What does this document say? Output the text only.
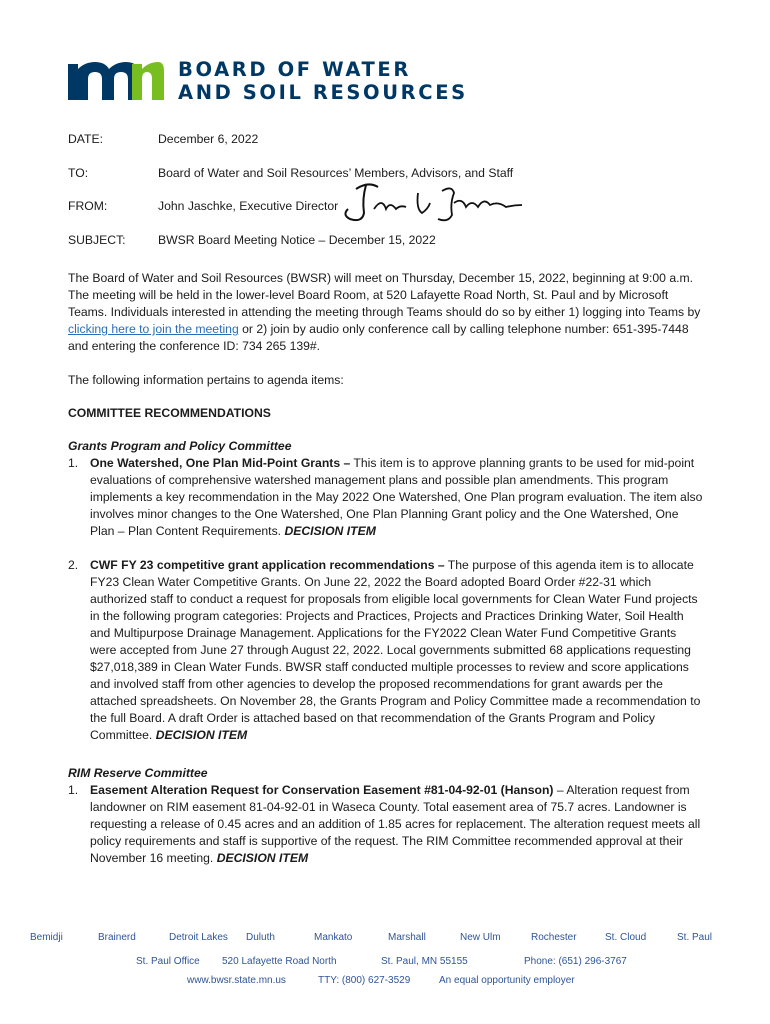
BOARD OF WATER
AND SOIL RESOURCES
DATE:	December 6, 2022
TO:	Board of Water and Soil Resources’ Members, Advisors, and Staff
FROM:	John Jaschke, Executive Director
SUBJECT:	BWSR Board Meeting Notice – December 15, 2022

The Board of Water and Soil Resources (BWSR) will meet on Thursday, December 15, 2022, beginning at 9:00 a.m. The meeting will be held in the lower-level Board Room, at 520 Lafayette Road North, St. Paul and by Microsoft Teams. Individuals interested in attending the meeting through Teams should do so by either 1) logging into Teams by clicking here to join the meeting or 2) join by audio only conference call by calling telephone number: 651-395-7448 and entering the conference ID: 734 265 139#.

The following information pertains to agenda items:

COMMITTEE RECOMMENDATIONS

Grants Program and Policy Committee

1. One Watershed, One Plan Mid-Point Grants – This item is to approve planning grants to be used for mid-point evaluations of comprehensive watershed management plans and possible plan amendments. This program implements a key recommendation in the May 2022 One Watershed, One Plan program evaluation. The item also involves minor changes to the One Watershed, One Plan Planning Grant policy and the One Watershed, One Plan – Plan Content Requirements. DECISION ITEM
2. CWF FY 23 competitive grant application recommendations – The purpose of this agenda item is to allocate FY23 Clean Water Competitive Grants. On June 22, 2022 the Board adopted Board Order #22-31 which authorized staff to conduct a request for proposals from eligible local governments for Clean Water Fund projects in the following program categories: Projects and Practices, Projects and Practices Drinking Water, Soil Health and Multipurpose Drainage Management. Applications for the FY2022 Clean Water Fund Competitive Grants were accepted from June 27 through August 22, 2022. Local governments submitted 68 applications requesting $27,018,389 in Clean Water Funds. BWSR staff conducted multiple processes to review and score applications and involved staff from other agencies to develop the proposed recommendations for grant awards per the attached spreadsheets. On November 28, the Grants Program and Policy Committee made a recommendation to the full Board. A draft Order is attached based on that recommendation of the Grants Program and Policy Committee. DECISION ITEM

RIM Reserve Committee

1. Easement Alteration Request for Conservation Easement #81-04-92-01 (Hanson) – Alteration request from landowner on RIM easement 81-04-92-01 in Waseca County. Total easement area of 75.7 acres. Landowner is requesting a release of 0.45 acres and an addition of 1.85 acres for replacement. The alteration request meets all policy requirements and staff is supportive of the request. The RIM Committee recommended approval at their November 16 meeting. DECISION ITEM
Bemidji	Brainerd	Detroit Lakes Duluth	Mankato	Marshall	New Ulm	Rochester	St. Cloud	St. Paul
St. Paul Office 520 Lafayette Road North	St. Paul, MN 55155	Phone: (651) 296-3767
www.bwsr.state.mn.us	TTY: (800) 627-3529	An equal opportunity employer
